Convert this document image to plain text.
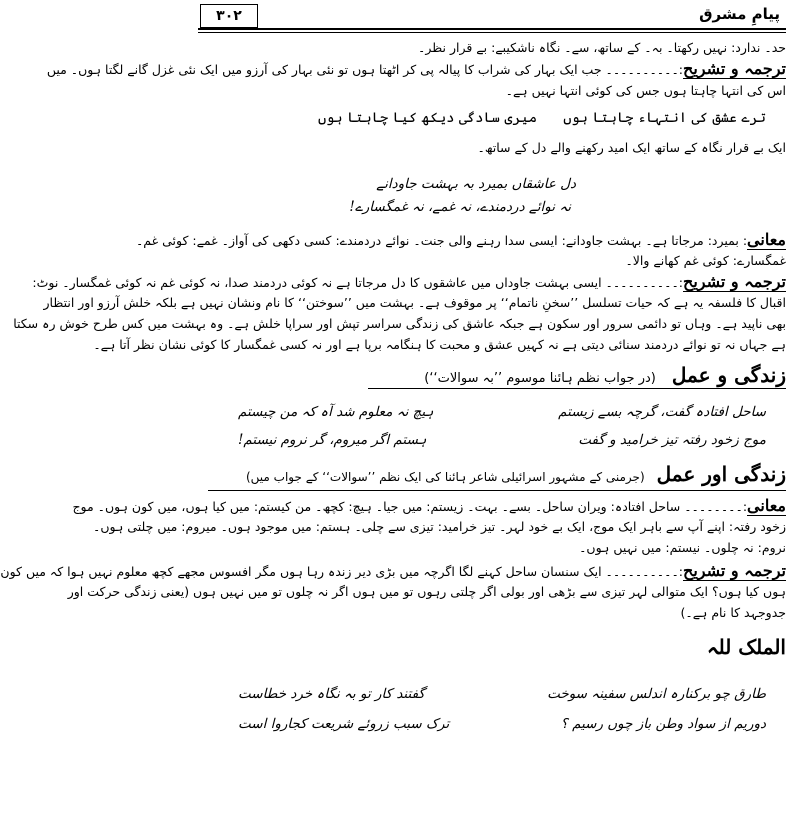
۳۰۲	پیامِ مشرق
حد۔ ندارد: نہیں رکھتا۔ بہ۔ کے ساتھ، سے۔ نگاہ ناشکیبے: بے قرار نظر۔
ترجمہ و تشریح:۔۔۔۔۔۔۔۔۔۔ جب ایک بہار کی شراب کا پیالہ پی کر اٹھتا ہوں تو نئی بہار کی آرزو میں ایک نئی غزل گانے لگتا ہوں۔ میں
اس کی انتہا چاہتا ہوں جس کی کوئی انتہا نہیں ہے۔
ترے عشق کی انتہاء چاہتا ہوں
میری سادگی دیکھ کیا چاہتا ہوں
ایک بے قرار نگاہ کے ساتھ ایک امید رکھنے والے دل کے ساتھ۔
دل عاشقاں بمیرد بہ بہشت جاودانے
نہ نوائے دردمندے، نہ غمے، نہ غمگسارے!
معانی: بمیرد: مرجاتا ہے۔ بہشت جاودانے: ایسی سدا رہنے والی جنت۔ نوائے دردمندے: کسی دکھی کی آواز۔ غمے: کوئی غم۔
غمگسارے: کوئی غم کھانے والا۔
ترجمہ و تشریح:۔۔۔۔۔۔۔۔۔۔ ایسی بہشت جاوداں میں عاشقوں کا دل مرجاتا ہے نہ کوئی دردمند صدا، نہ کوئی غم نہ کوئی غمگسار۔ نوٹ:
اقبال کا فلسفہ یہ ہے کہ حیات تسلسل ’’سخنِ ناتمام‘‘ پر موقوف ہے۔ بہشت میں ’’سوختن‘‘ کا نام ونشان نہیں ہے بلکہ خلش آرزو اور انتظار
بھی ناپید ہے۔ وہاں تو دائمی سرور اور سکون ہے جبکہ عاشق کی زندگی سراسر تپش اور سراپا خلش ہے۔ وہ بہشت میں کس طرح خوش رہ سکتا
ہے جہاں نہ تو نوائے دردمند سنائی دیتی ہے نہ کہیں عشق و محبت کا ہنگامہ برپا ہے اور نہ کسی غمگسار کا کوئی نشان نظر آتا ہے۔
زندگی و عمل (در جواب نظم ہائنا موسوم ’’بہ سوالات‘‘)
ساحل افتادہ گفت، گرچہ بسے زیستم
ہیچ نہ معلوم شد آہ کہ من چیستم
موج زخود رفتہ تیز خرامید و گفت
ہستم اگر میروم، گر نروم نیستم!
زندگی اور عمل (جرمنی کے مشہور اسرائیلی شاعر ہائنا کی ایک نظم ’’سوالات‘‘ کے جواب میں)
معانی:۔۔۔۔۔۔۔۔ ساحل افتادہ: ویران ساحل۔ بسے۔ بہت۔ زیستم: میں جیا۔ ہیچ: کچھ۔ من کیستم: میں کیا ہوں، میں کون ہوں۔ موج
زخود رفتہ: اپنے آپ سے باہر ایک موج، ایک بے خود لہر۔ تیز خرامید: تیزی سے چلی۔ ہستم: میں موجود ہوں۔ میروم: میں چلتی ہوں۔
نروم: نہ چلوں۔ نیستم: میں نہیں ہوں۔
ترجمہ و تشریح:۔۔۔۔۔۔۔۔۔۔ ایک سنسان ساحل کہنے لگا اگرچہ میں بڑی دیر زندہ رہا ہوں مگر افسوس مجھے کچھ معلوم نہیں ہوا کہ میں کون
ہوں کیا ہوں؟ ایک متوالی لہر تیزی سے بڑھی اور بولی اگر چلتی رہوں تو میں ہوں اگر نہ چلوں تو میں نہیں ہوں (یعنی زندگی حرکت اور
جدوجہد کا نام ہے۔)
الملک للہ
طارق چو برکنارہ اندلس سفینہ سوخت
گفتند کار تو بہ نگاہ خرد خطاست
دوریم از سواد وطن باز چوں رسیم ؟
ترک سبب زروئے شریعت کجاروا است
